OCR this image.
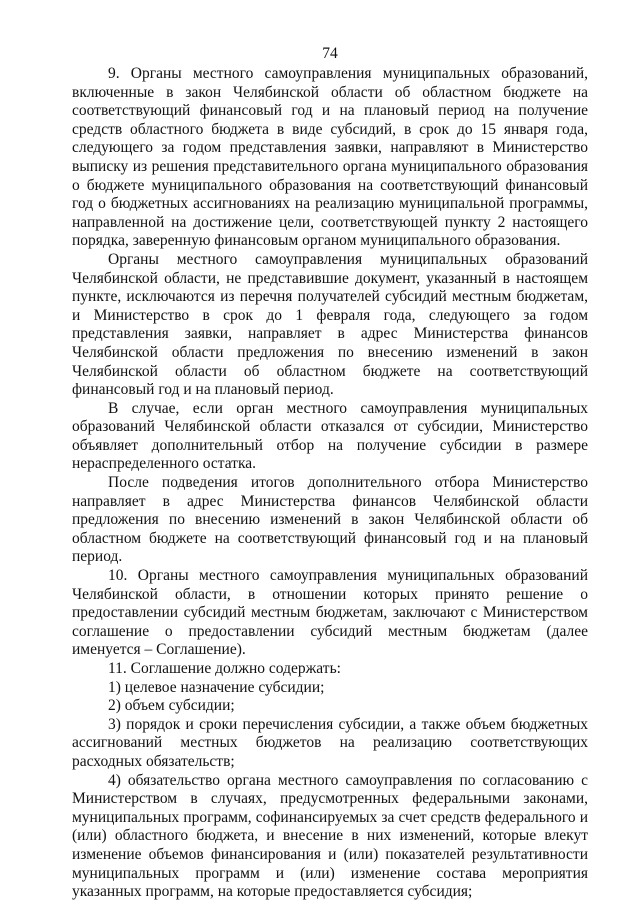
74

9. Органы местного самоуправления муниципальных образований, включенные в закон Челябинской области об областном бюджете на соответствующий финансовый год и на плановый период на получение средств областного бюджета в виде субсидий, в срок до 15 января года, следующего за годом представления заявки, направляют в Министерство выписку из решения представительного органа муниципального образования о бюджете муниципального образования на соответствующий финансовый год о бюджетных ассигнованиях на реализацию муниципальной программы, направленной на достижение цели, соответствующей пункту 2 настоящего порядка, заверенную финансовым органом муниципального образования.

Органы местного самоуправления муниципальных образований Челябинской области, не представившие документ, указанный в настоящем пункте, исключаются из перечня получателей субсидий местным бюджетам, и Министерство в срок до 1 февраля года, следующего за годом представления заявки, направляет в адрес Министерства финансов Челябинской области предложения по внесению изменений в закон Челябинской области об областном бюджете на соответствующий финансовый год и на плановый период.

В случае, если орган местного самоуправления муниципальных образований Челябинской области отказался от субсидии, Министерство объявляет дополнительный отбор на получение субсидии в размере нераспределенного остатка.

После подведения итогов дополнительного отбора Министерство направляет в адрес Министерства финансов Челябинской области предложения по внесению изменений в закон Челябинской области об областном бюджете на соответствующий финансовый год и на плановый период.

10. Органы местного самоуправления муниципальных образований Челябинской области, в отношении которых принято решение о предоставлении субсидий местным бюджетам, заключают с Министерством соглашение о предоставлении субсидий местным бюджетам (далее именуется – Соглашение).

11. Соглашение должно содержать:

1) целевое назначение субсидии;

2) объем субсидии;

3) порядок и сроки перечисления субсидии, а также объем бюджетных ассигнований местных бюджетов на реализацию соответствующих расходных обязательств;

4) обязательство органа местного самоуправления по согласованию с Министерством в случаях, предусмотренных федеральными законами, муниципальных программ, софинансируемых за счет средств федерального и (или) областного бюджета, и внесение в них изменений, которые влекут изменение объемов финансирования и (или) показателей результативности муниципальных программ и (или) изменение состава мероприятия указанных программ, на которые предоставляется субсидия;
